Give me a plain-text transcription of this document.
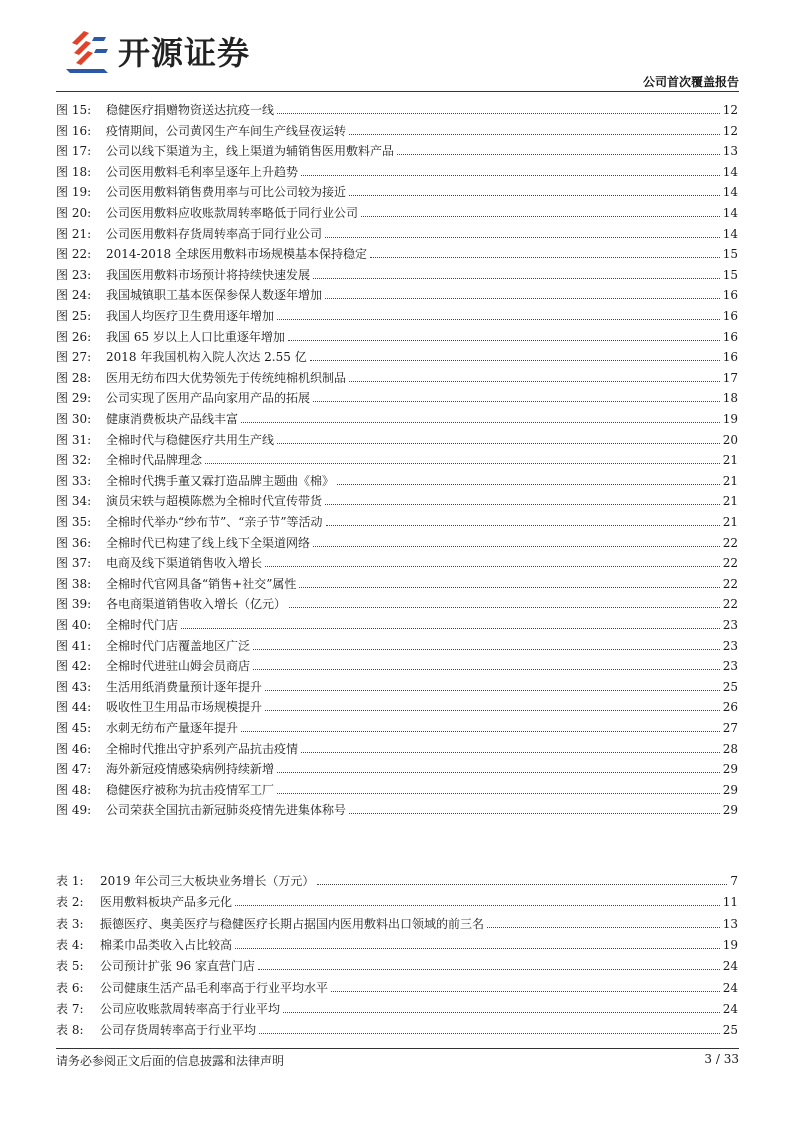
开源证券
公司首次覆盖报告
图 15:	稳健医疗捐赠物资送达抗疫一线	12
图 16:	疫情期间，公司黄冈生产车间生产线昼夜运转	12
图 17:	公司以线下渠道为主，线上渠道为辅销售医用敷料产品	13
图 18:	公司医用敷料毛利率呈逐年上升趋势	14
图 19:	公司医用敷料销售费用率与可比公司较为接近	14
图 20:	公司医用敷料应收账款周转率略低于同行业公司	14
图 21:	公司医用敷料存货周转率高于同行业公司	14
图 22:	2014-2018 全球医用敷料市场规模基本保持稳定	15
图 23:	我国医用敷料市场预计将持续快速发展	15
图 24:	我国城镇职工基本医保参保人数逐年增加	16
图 25:	我国人均医疗卫生费用逐年增加	16
图 26:	我国 65 岁以上人口比重逐年增加	16
图 27:	2018 年我国机构入院人次达 2.55 亿	16
图 28:	医用无纺布四大优势领先于传统纯棉机织制品	17
图 29:	公司实现了医用产品向家用产品的拓展	18
图 30:	健康消费板块产品线丰富	19
图 31:	全棉时代与稳健医疗共用生产线	20
图 32:	全棉时代品牌理念	21
图 33:	全棉时代携手董又霖打造品牌主题曲《棉》	21
图 34:	演员宋轶与超模陈燃为全棉时代宣传带货	21
图 35:	全棉时代举办“纱布节”、“亲子节”等活动	21
图 36:	全棉时代已构建了线上线下全渠道网络	22
图 37:	电商及线下渠道销售收入增长	22
图 38:	全棉时代官网具备“销售+社交”属性	22
图 39:	各电商渠道销售收入增长（亿元）	22
图 40:	全棉时代门店	23
图 41:	全棉时代门店覆盖地区广泛	23
图 42:	全棉时代进驻山姆会员商店	23
图 43:	生活用纸消费量预计逐年提升	25
图 44:	吸收性卫生用品市场规模提升	26
图 45:	水刺无纺布产量逐年提升	27
图 46:	全棉时代推出守护系列产品抗击疫情	28
图 47:	海外新冠疫情感染病例持续新增	29
图 48:	稳健医疗被称为抗击疫情军工厂	29
图 49:	公司荣获全国抗击新冠肺炎疫情先进集体称号	29
表 1:	2019 年公司三大板块业务增长（万元）	7
表 2:	医用敷料板块产品多元化	11
表 3:	振德医疗、奥美医疗与稳健医疗长期占据国内医用敷料出口领域的前三名	13
表 4:	棉柔巾品类收入占比较高	19
表 5:	公司预计扩张 96 家直营门店	24
表 6:	公司健康生活产品毛利率高于行业平均水平	24
表 7:	公司应收账款周转率高于行业平均	24
表 8:	公司存货周转率高于行业平均	25
请务必参阅正文后面的信息披露和法律声明	3 / 33
